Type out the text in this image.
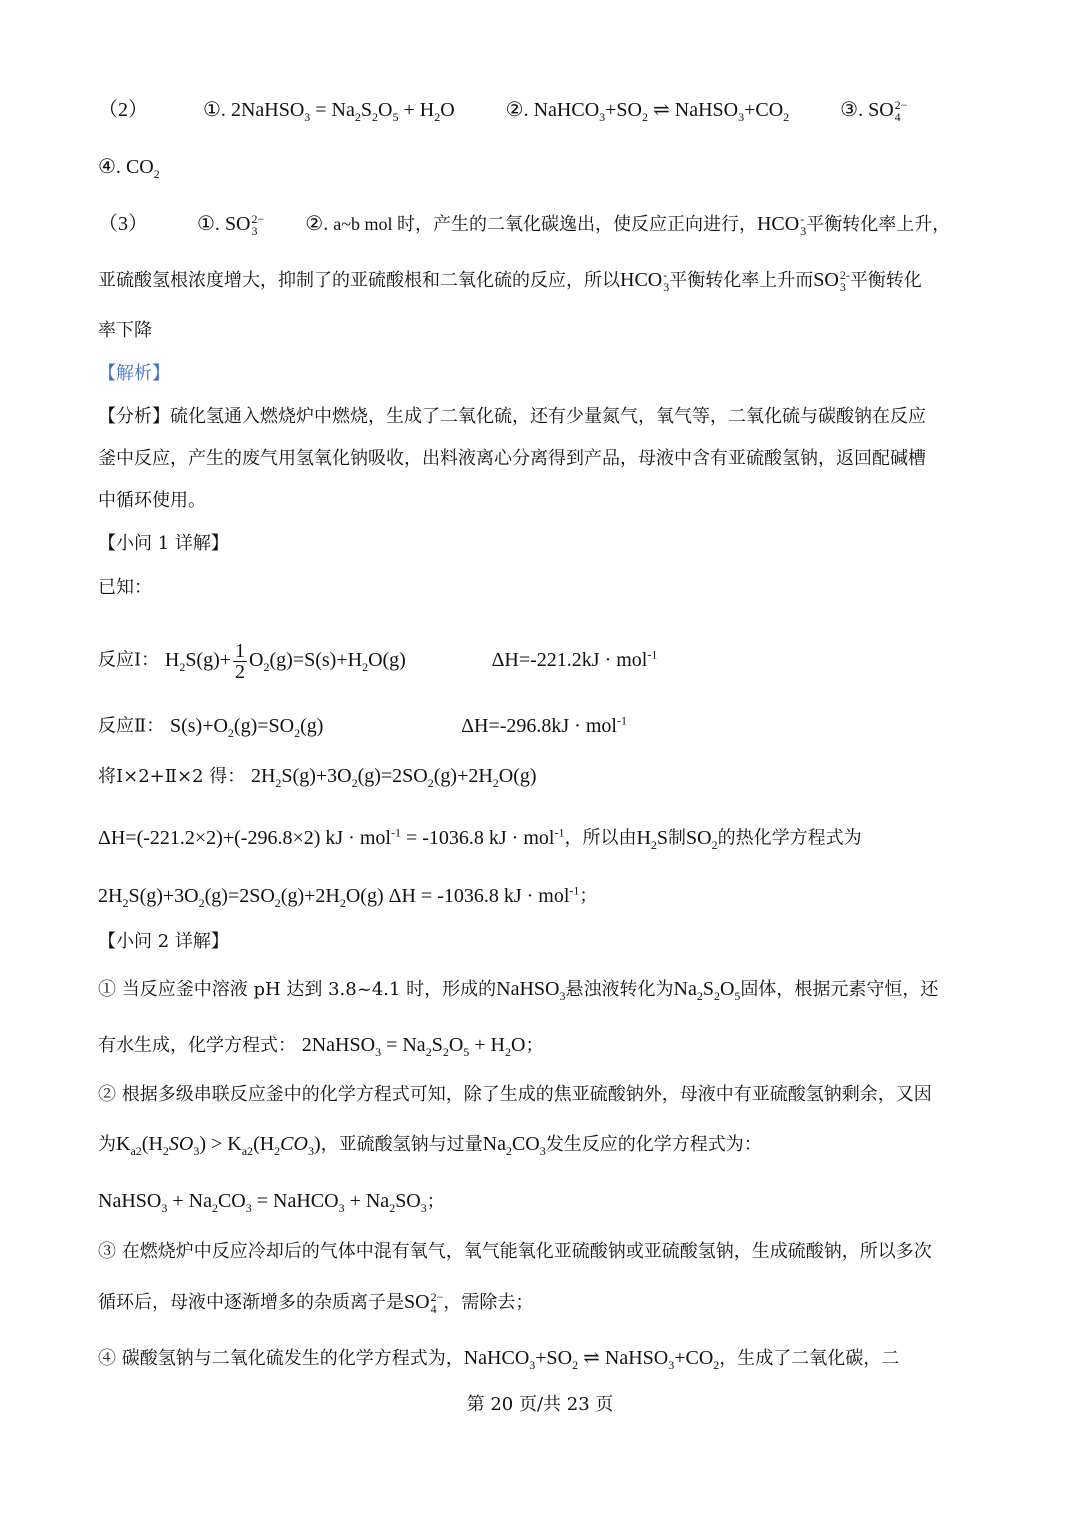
（2）	①. 2NaHSO$_3$ = $Na_2S_2O_5 + H_2O$	②. $NaHCO_3+SO_2$ ⇌ $NaHSO_3+CO_2$	③. SO 2−
4
④. $CO_2$
（3） ①. SO 2−
3	②. a~b mol 时，产生的二氧化碳逸出，使反应正向进行，HCO -
3 平衡转化率上升，
亚硫酸氢根浓度增大，抑制了的亚硫酸根和二氧化硫的反应，所以HCO -
3 平衡转化率上升而SO 2-
3 平衡转化
率下降
【解析】
【分析】硫化氢通入燃烧炉中燃烧，生成了二氧化硫，还有少量氮气，氧气等，二氧化硫与碳酸钠在反应
釜中反应，产生的废气用氢氧化钠吸收，出料液离心分离得到产品，母液中含有亚硫酸氢钠，返回配碱槽
中循环使用。
【小问 1 详解】
已知：
反应Ⅰ： $H_2S(g)+ \frac{1}{2} O_2(g)=S(s)+H_2O(g)$	ΔH=-221.2kJ · mol$^{-1}$
反应Ⅱ： $S(s)+O_2(g)=SO_2(g)$	ΔH=-296.8kJ · mol$^{-1}$
将Ⅰ×2+Ⅱ×2 得： $2H_2S(g)+3O_2(g)=2SO_2(g)+2H_2O(g)$
ΔH=(-221.2×2)+(-296.8×2) kJ · mol$^{-1}$ = -1036.8 kJ · mol$^{-1}$，所以由$H_2S$制$SO_2$的热化学方程式为
$2H_2S(g)+3O_2(g)=2SO_2(g)+2H_2O(g) \Delta H = -1036.8$ kJ · mol$^{-1}$；
【小问 2 详解】
① 当反应釜中溶液 pH 达到 3.8~4.1 时，形成的NaHSO$_3$悬浊液转化为$Na_2S_2O_5$固体，根据元素守恒，还
有水生成，化学方程式： 2NaHSO$_3$ = $Na_2S_2O_5 + H_2O$；
② 根据多级串联反应釜中的化学方程式可知，除了生成的焦亚硫酸钠外，母液中有亚硫酸氢钠剩余，又因
为$K_{a2}(H_2SO_3) > K_{a2}(H_2CO_3)$，亚硫酸氢钠与过量$Na_2CO_3$发生反应的化学方程式为：
NaHSO$_3$ + $Na_2CO_3$ = NaHCO$_3$ + $Na_2SO_3$；
③ 在燃烧炉中反应冷却后的气体中混有氧气，氧气能氧化亚硫酸钠或亚硫酸氢钠，生成硫酸钠，所以多次
循环后，母液中逐渐增多的杂质离子是SO 2−
4 ，需除去；
④ 碳酸氢钠与二氧化硫发生的化学方程式为，$NaHCO_3+SO_2$ ⇌ $NaHSO_3+CO_2$，生成了二氧化碳，二
第 20 页/共 23 页
